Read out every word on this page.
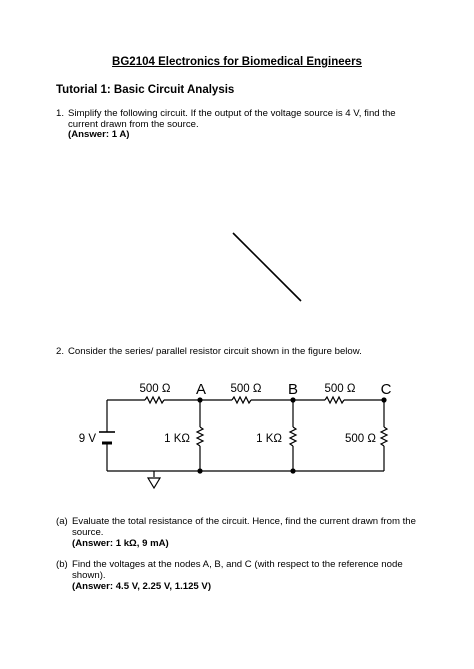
BG2104 Electronics for Biomedical Engineers
Tutorial 1: Basic Circuit Analysis
1. Simplify the following circuit. If the output of the voltage source is 4 V, find the current drawn from the source.
(Answer: 1 A)
2. Consider the series/ parallel resistor circuit shown in the figure below.
500 Ω	500 Ω	500 Ω
A	B	C
9 V	1 KΩ	1 KΩ	500 Ω
(a) Evaluate the total resistance of the circuit. Hence, find the current drawn from the source.
(Answer: 1 kΩ, 9 mA)
(b) Find the voltages at the nodes A, B, and C (with respect to the reference node shown).
(Answer: 4.5 V, 2.25 V, 1.125 V)
